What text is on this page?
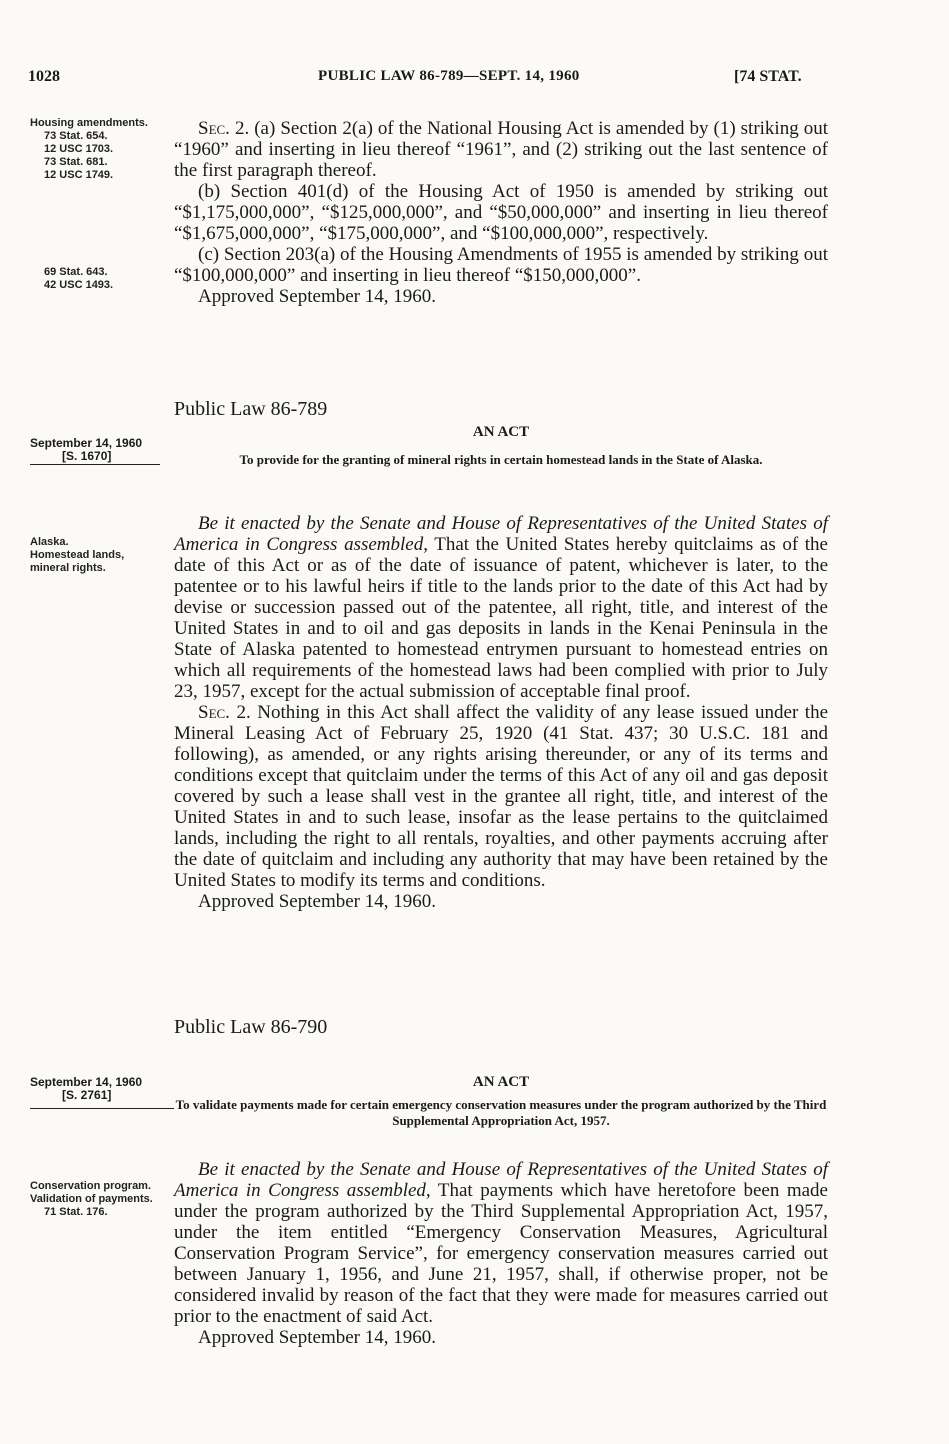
1028	PUBLIC LAW 86-789—SEPT. 14, 1960	[74 STAT.
Housing amendments.
73 Stat. 654.
12 USC 1703.
73 Stat. 681.
12 USC 1749.
69 Stat. 643.
42 USC 1493.

Sec. 2. (a) Section 2(a) of the National Housing Act is amended by (1) striking out “1960” and inserting in lieu thereof “1961”, and (2) striking out the last sentence of the first paragraph thereof.

(b) Section 401(d) of the Housing Act of 1950 is amended by striking out “$1,175,000,000”, “$125,000,000”, and “$50,000,000” and inserting in lieu thereof “$1,675,000,000”, “$175,000,000”, and “$100,000,000”, respectively.

(c) Section 203(a) of the Housing Amendments of 1955 is amended by striking out “$100,000,000” and inserting in lieu thereof “$150,000,000”.

Approved September 14, 1960.

Public Law 86-789
September 14, 1960
[S. 1670]
AN ACT
To provide for the granting of mineral rights in certain homestead lands in the State of Alaska.
Alaska.
Homestead lands, mineral rights.

Be it enacted by the Senate and House of Representatives of the United States of America in Congress assembled, That the United States hereby quitclaims as of the date of this Act or as of the date of issuance of patent, whichever is later, to the patentee or to his lawful heirs if title to the lands prior to the date of this Act had by devise or succession passed out of the patentee, all right, title, and interest of the United States in and to oil and gas deposits in lands in the Kenai Peninsula in the State of Alaska patented to homestead entrymen pursuant to homestead entries on which all requirements of the homestead laws had been complied with prior to July 23, 1957, except for the actual submission of acceptable final proof.

Sec. 2. Nothing in this Act shall affect the validity of any lease issued under the Mineral Leasing Act of February 25, 1920 (41 Stat. 437; 30 U.S.C. 181 and following), as amended, or any rights arising thereunder, or any of its terms and conditions except that quitclaim under the terms of this Act of any oil and gas deposit covered by such a lease shall vest in the grantee all right, title, and interest of the United States in and to such lease, insofar as the lease pertains to the quitclaimed lands, including the right to all rentals, royalties, and other payments accruing after the date of quitclaim and including any authority that may have been retained by the United States to modify its terms and conditions.

Approved September 14, 1960.

Public Law 86-790
September 14, 1960
[S. 2761]
AN ACT
To validate payments made for certain emergency conservation measures under the program authorized by the Third Supplemental Appropriation Act, 1957.
Conservation program.
Validation of payments.
71 Stat. 176.

Be it enacted by the Senate and House of Representatives of the United States of America in Congress assembled, That payments which have heretofore been made under the program authorized by the Third Supplemental Appropriation Act, 1957, under the item entitled “Emergency Conservation Measures, Agricultural Conservation Program Service”, for emergency conservation measures carried out between January 1, 1956, and June 21, 1957, shall, if otherwise proper, not be considered invalid by reason of the fact that they were made for measures carried out prior to the enactment of said Act.

Approved September 14, 1960.
